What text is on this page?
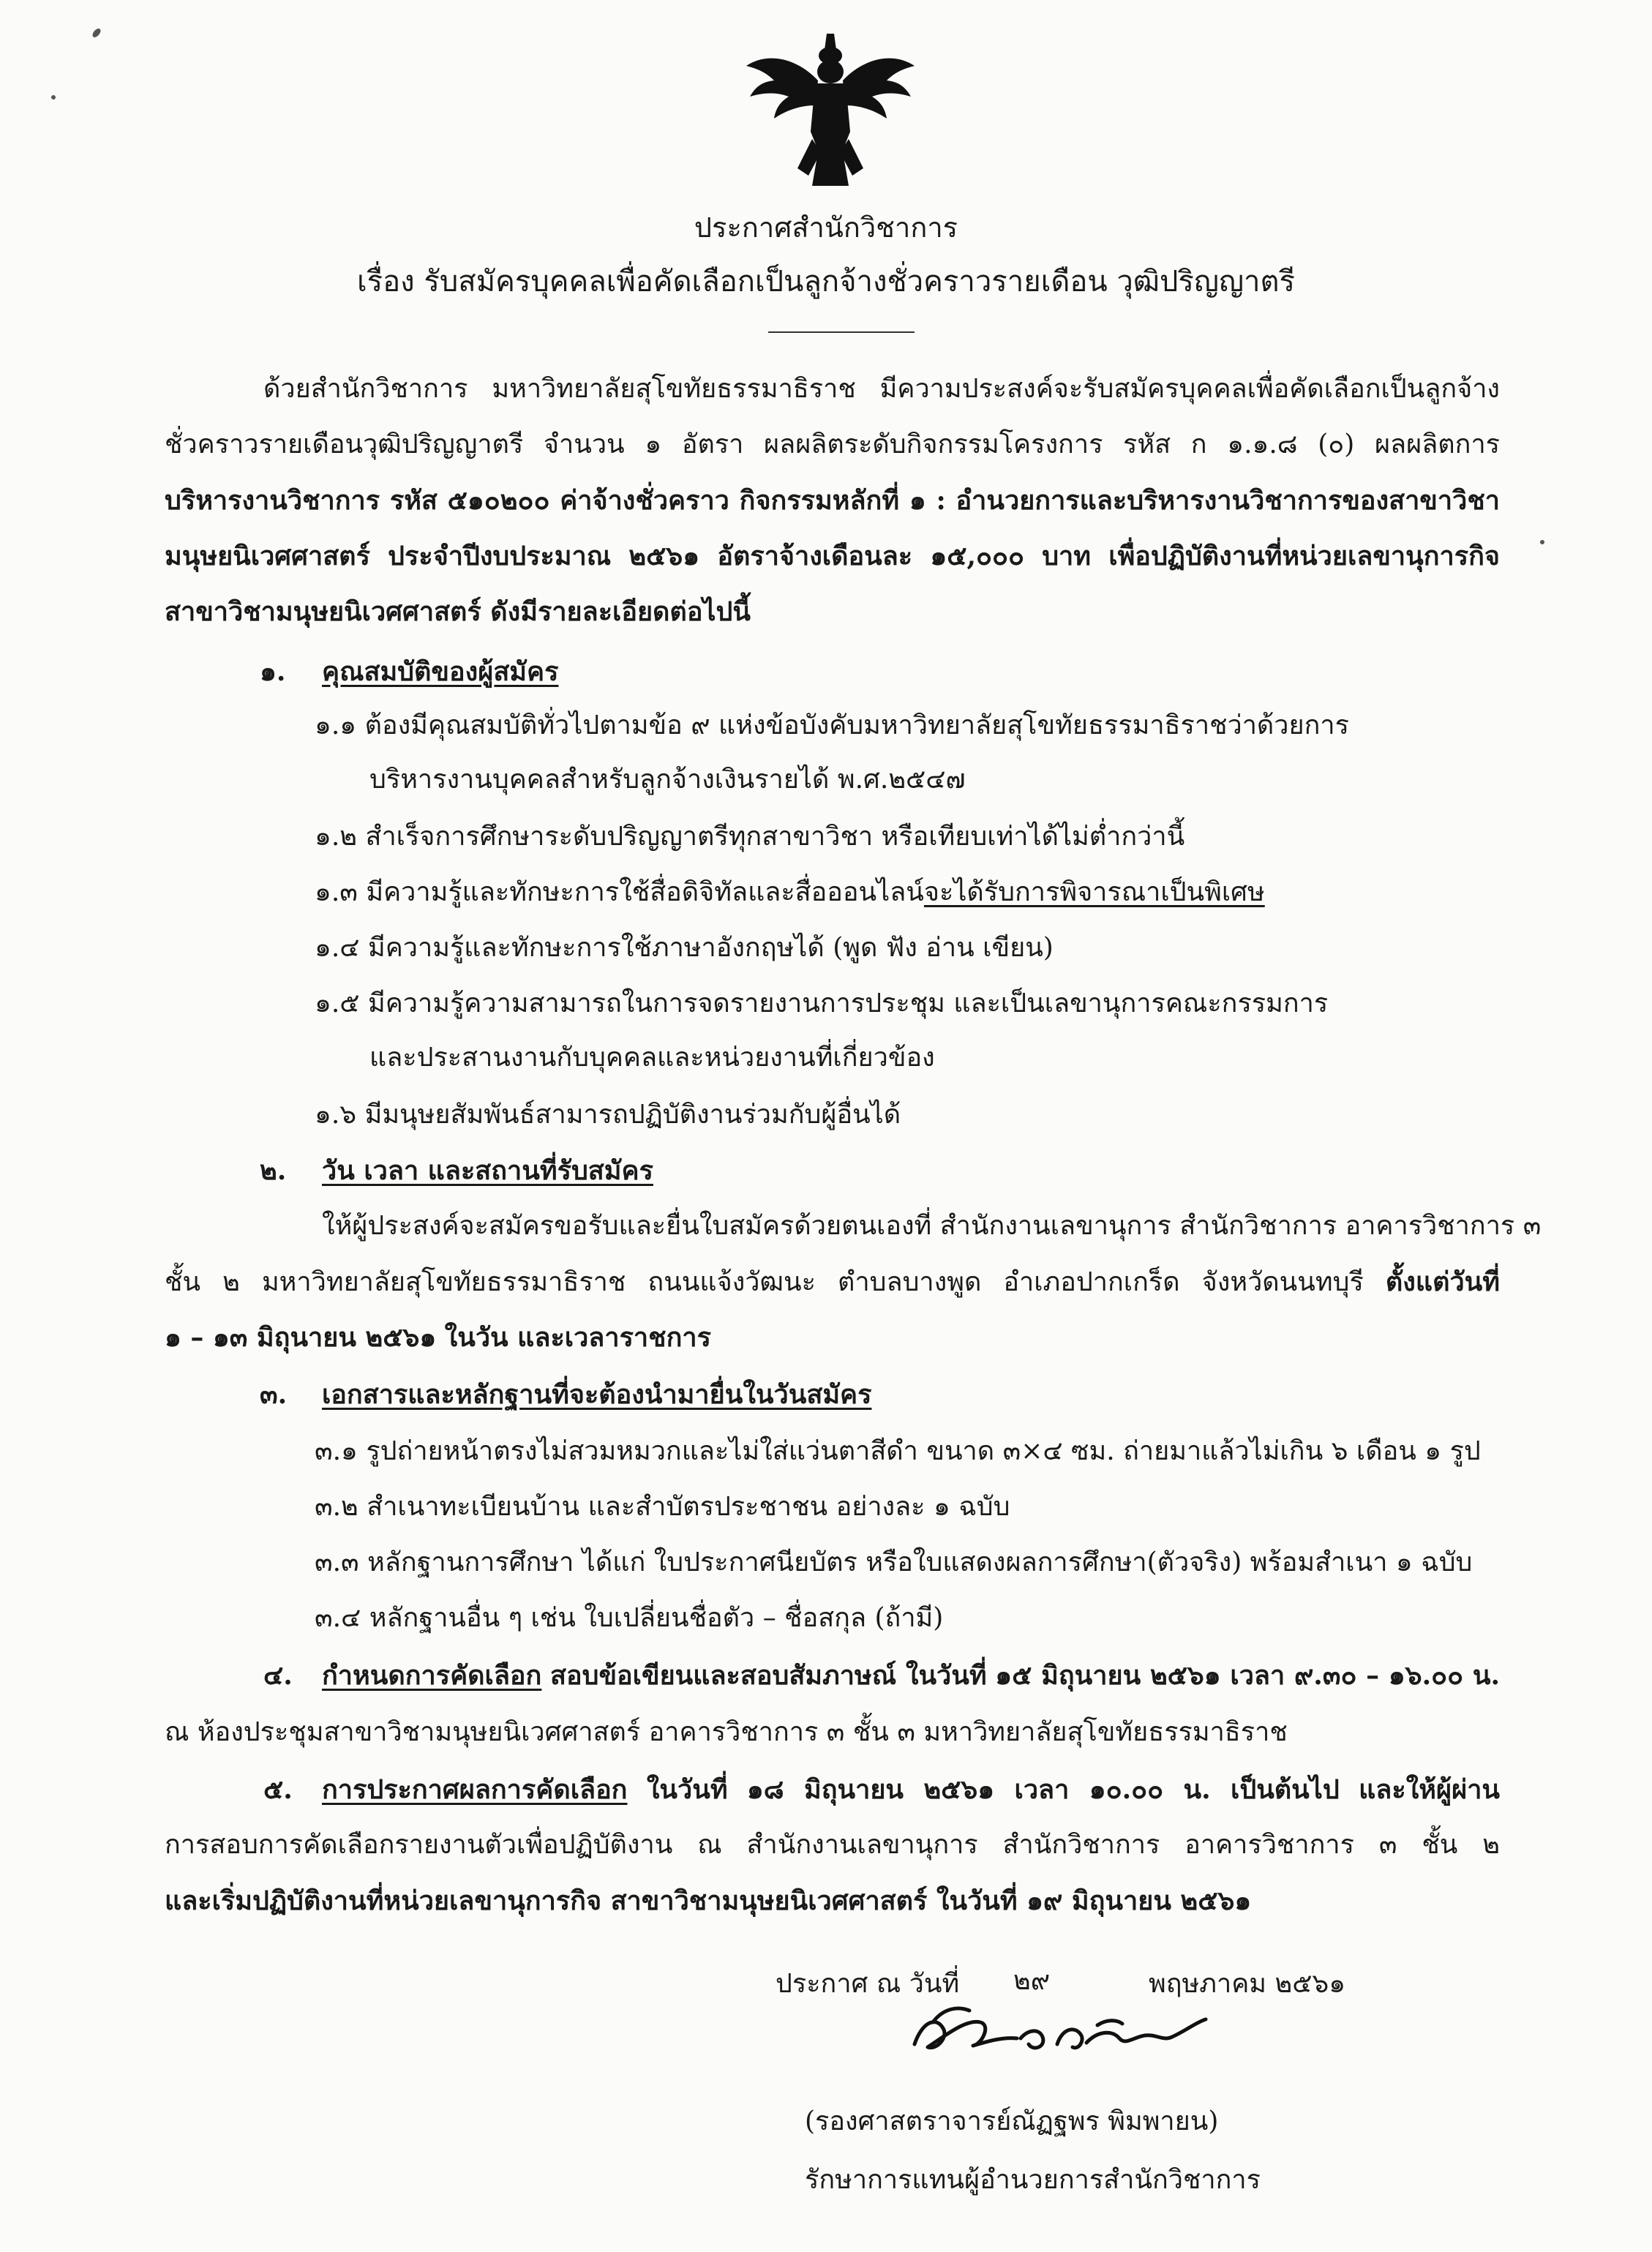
ประกาศสำนักวิชาการ
เรื่อง รับสมัครบุคคลเพื่อคัดเลือกเป็นลูกจ้างชั่วคราวรายเดือน วุฒิปริญญาตรี
ด้วยสำนักวิชาการ มหาวิทยาลัยสุโขทัยธรรมาธิราช มีความประสงค์จะรับสมัครบุคคลเพื่อคัดเลือกเป็นลูกจ้าง
ชั่วคราวรายเดือนวุฒิปริญญาตรี จำนวน ๑ อัตรา ผลผลิตระดับกิจกรรมโครงการ รหัส ก ๑.๑.๘ (๐) ผลผลิตการ
บริหารงานวิชาการ รหัส ๕๑๐๒๐๐ ค่าจ้างชั่วคราว กิจกรรมหลักที่ ๑ : อำนวยการและบริหารงานวิชาการของสาขาวิชา
มนุษยนิเวศศาสตร์ ประจำปีงบประมาณ ๒๕๖๑ อัตราจ้างเดือนละ ๑๕,๐๐๐ บาท เพื่อปฏิบัติงานที่หน่วยเลขานุการกิจ
สาขาวิชามนุษยนิเวศศาสตร์ ดังมีรายละเอียดต่อไปนี้
๑. คุณสมบัติของผู้สมัคร
๑.๑ ต้องมีคุณสมบัติทั่วไปตามข้อ ๙ แห่งข้อบังคับมหาวิทยาลัยสุโขทัยธรรมาธิราชว่าด้วยการ
บริหารงานบุคคลสำหรับลูกจ้างเงินรายได้ พ.ศ.๒๕๔๗
๑.๒ สำเร็จการศึกษาระดับปริญญาตรีทุกสาขาวิชา หรือเทียบเท่าได้ไม่ต่ำกว่านี้
๑.๓ มีความรู้และทักษะการใช้สื่อดิจิทัลและสื่อออนไลน์จะได้รับการพิจารณาเป็นพิเศษ
๑.๔ มีความรู้และทักษะการใช้ภาษาอังกฤษได้ (พูด ฟัง อ่าน เขียน)
๑.๕ มีความรู้ความสามารถในการจดรายงานการประชุม และเป็นเลขานุการคณะกรรมการ
และประสานงานกับบุคคลและหน่วยงานที่เกี่ยวข้อง
๑.๖ มีมนุษยสัมพันธ์สามารถปฏิบัติงานร่วมกับผู้อื่นได้
๒. วัน เวลา และสถานที่รับสมัคร
ให้ผู้ประสงค์จะสมัครขอรับและยื่นใบสมัครด้วยตนเองที่ สำนักงานเลขานุการ สำนักวิชาการ อาคารวิชาการ ๓
ชั้น ๒ มหาวิทยาลัยสุโขทัยธรรมาธิราช ถนนแจ้งวัฒนะ ตำบลบางพูด อำเภอปากเกร็ด จังหวัดนนทบุรี ตั้งแต่วันที่
๑ – ๑๓ มิถุนายน ๒๕๖๑ ในวัน และเวลาราชการ
๓. เอกสารและหลักฐานที่จะต้องนำมายื่นในวันสมัคร
๓.๑ รูปถ่ายหน้าตรงไม่สวมหมวกและไม่ใส่แว่นตาสีดำ ขนาด ๓×๔ ซม. ถ่ายมาแล้วไม่เกิน ๖ เดือน ๑ รูป
๓.๒ สำเนาทะเบียนบ้าน และสำบัตรประชาชน อย่างละ ๑ ฉบับ
๓.๓ หลักฐานการศึกษา ได้แก่ ใบประกาศนียบัตร หรือใบแสดงผลการศึกษา(ตัวจริง) พร้อมสำเนา ๑ ฉบับ
๓.๔ หลักฐานอื่น ๆ เช่น ใบเปลี่ยนชื่อตัว – ชื่อสกุล (ถ้ามี)
๔. กำหนดการคัดเลือก สอบข้อเขียนและสอบสัมภาษณ์ ในวันที่ ๑๕ มิถุนายน ๒๕๖๑ เวลา ๙.๓๐ – ๑๖.๐๐ น.
ณ ห้องประชุมสาขาวิชามนุษยนิเวศศาสตร์ อาคารวิชาการ ๓ ชั้น ๓ มหาวิทยาลัยสุโขทัยธรรมาธิราช
๕. การประกาศผลการคัดเลือก ในวันที่ ๑๘ มิถุนายน ๒๕๖๑ เวลา ๑๐.๐๐ น. เป็นต้นไป และให้ผู้ผ่าน
การสอบการคัดเลือกรายงานตัวเพื่อปฏิบัติงาน ณ สำนักงานเลขานุการ สำนักวิชาการ อาคารวิชาการ ๓ ชั้น ๒
และเริ่มปฏิบัติงานที่หน่วยเลขานุการกิจ สาขาวิชามนุษยนิเวศศาสตร์ ในวันที่ ๑๙ มิถุนายน ๒๕๖๑
ประกาศ ณ วันที่ ๒๙	พฤษภาคม ๒๕๖๑
(รองศาสตราจารย์ณัฏฐพร พิมพายน)
รักษาการแทนผู้อำนวยการสำนักวิชาการ
